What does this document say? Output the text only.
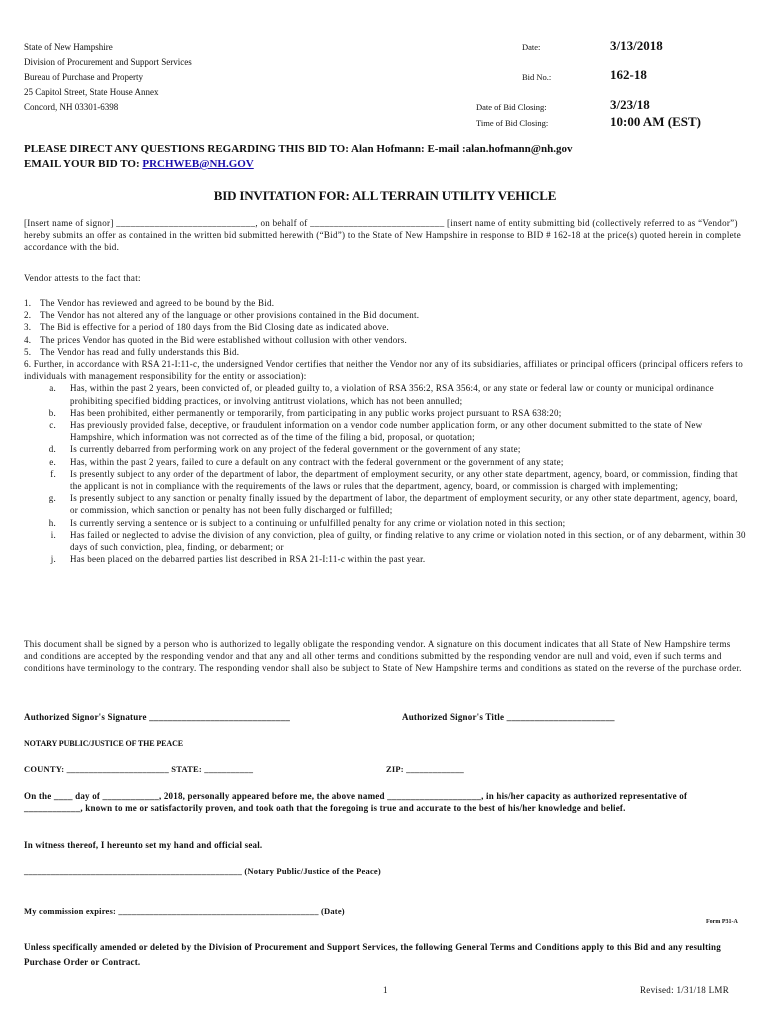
State of New Hampshire
Division of Procurement and Support Services
Bureau of Purchase and Property
25 Capitol Street, State House Annex
Concord, NH 03301-6398
Date:	3/13/2018
Bid No.:	162-18
Date of Bid Closing:	3/23/18
Time of Bid Closing:	10:00 AM (EST)
PLEASE DIRECT ANY QUESTIONS REGARDING THIS BID TO: Alan Hofmann: E-mail :alan.hofmann@nh.gov
EMAIL YOUR BID TO: PRCHWEB@NH.GOV
BID INVITATION FOR: ALL TERRAIN UTILITY VEHICLE
[Insert name of signor] _____________________________, on behalf of ____________________________ [insert name of entity submitting bid (collectively referred to as “Vendor”) hereby submits an offer as contained in the written bid submitted herewith (“Bid”) to the State of New Hampshire in response to BID # 162-18 at the price(s) quoted herein in complete accordance with the bid.
Vendor attests to the fact that:
1. The Vendor has reviewed and agreed to be bound by the Bid.
2. The Vendor has not altered any of the language or other provisions contained in the Bid document.
3. The Bid is effective for a period of 180 days from the Bid Closing date as indicated above.
4. The prices Vendor has quoted in the Bid were established without collusion with other vendors.
5. The Vendor has read and fully understands this Bid.
6. Further, in accordance with RSA 21-I:11-c, the undersigned Vendor certifies that neither the Vendor nor any of its subsidiaries, affiliates or principal officers (principal officers refers to individuals with management responsibility for the entity or association):
a.	Has, within the past 2 years, been convicted of, or pleaded guilty to, a violation of RSA 356:2, RSA 356:4, or any state or federal law or county or municipal ordinance prohibiting specified bidding practices, or involving antitrust violations, which has not been annulled;
b.	Has been prohibited, either permanently or temporarily, from participating in any public works project pursuant to RSA 638:20;
c.	Has previously provided false, deceptive, or fraudulent information on a vendor code number application form, or any other document submitted to the state of New Hampshire, which information was not corrected as of the time of the filing a bid, proposal, or quotation;
d.	Is currently debarred from performing work on any project of the federal government or the government of any state;
e.	Has, within the past 2 years, failed to cure a default on any contract with the federal government or the government of any state;
f.	Is presently subject to any order of the department of labor, the department of employment security, or any other state department, agency, board, or commission, finding that the applicant is not in compliance with the requirements of the laws or rules that the department, agency, board, or commission is charged with implementing;
g.	Is presently subject to any sanction or penalty finally issued by the department of labor, the department of employment security, or any other state department, agency, board, or commission, which sanction or penalty has not been fully discharged or fulfilled;
h.	Is currently serving a sentence or is subject to a continuing or unfulfilled penalty for any crime or violation noted in this section;
i.	Has failed or neglected to advise the division of any conviction, plea of guilty, or finding relative to any crime or violation noted in this section, or of any debarment, within 30 days of such conviction, plea, finding, or debarment; or
j.	Has been placed on the debarred parties list described in RSA 21-I:11-c within the past year.
This document shall be signed by a person who is authorized to legally obligate the responding vendor. A signature on this document indicates that all State of New Hampshire terms and conditions are accepted by the responding vendor and that any and all other terms and conditions submitted by the responding vendor are null and void, even if such terms and conditions have terminology to the contrary. The responding vendor shall also be subject to State of New Hampshire terms and conditions as stated on the reverse of the purchase order.
Authorized Signor's Signature ______________________________	Authorized Signor's Title _______________________
NOTARY PUBLIC/JUSTICE OF THE PEACE
COUNTY: _______________________ STATE: ___________	ZIP: _____________
On the ____ day of ____________, 2018, personally appeared before me, the above named ____________________, in his/her capacity as authorized representative of ____________, known to me or satisfactorily proven, and took oath that the foregoing is true and accurate to the best of his/her knowledge and belief.
In witness thereof, I hereunto set my hand and official seal.
_________________________________________________ (Notary Public/Justice of the Peace)
My commission expires: _____________________________________________ (Date)
Form P31-A
Unless specifically amended or deleted by the Division of Procurement and Support Services, the following General Terms and Conditions apply to this Bid and any resulting Purchase Order or Contract.
1	Revised: 1/31/18 LMR
